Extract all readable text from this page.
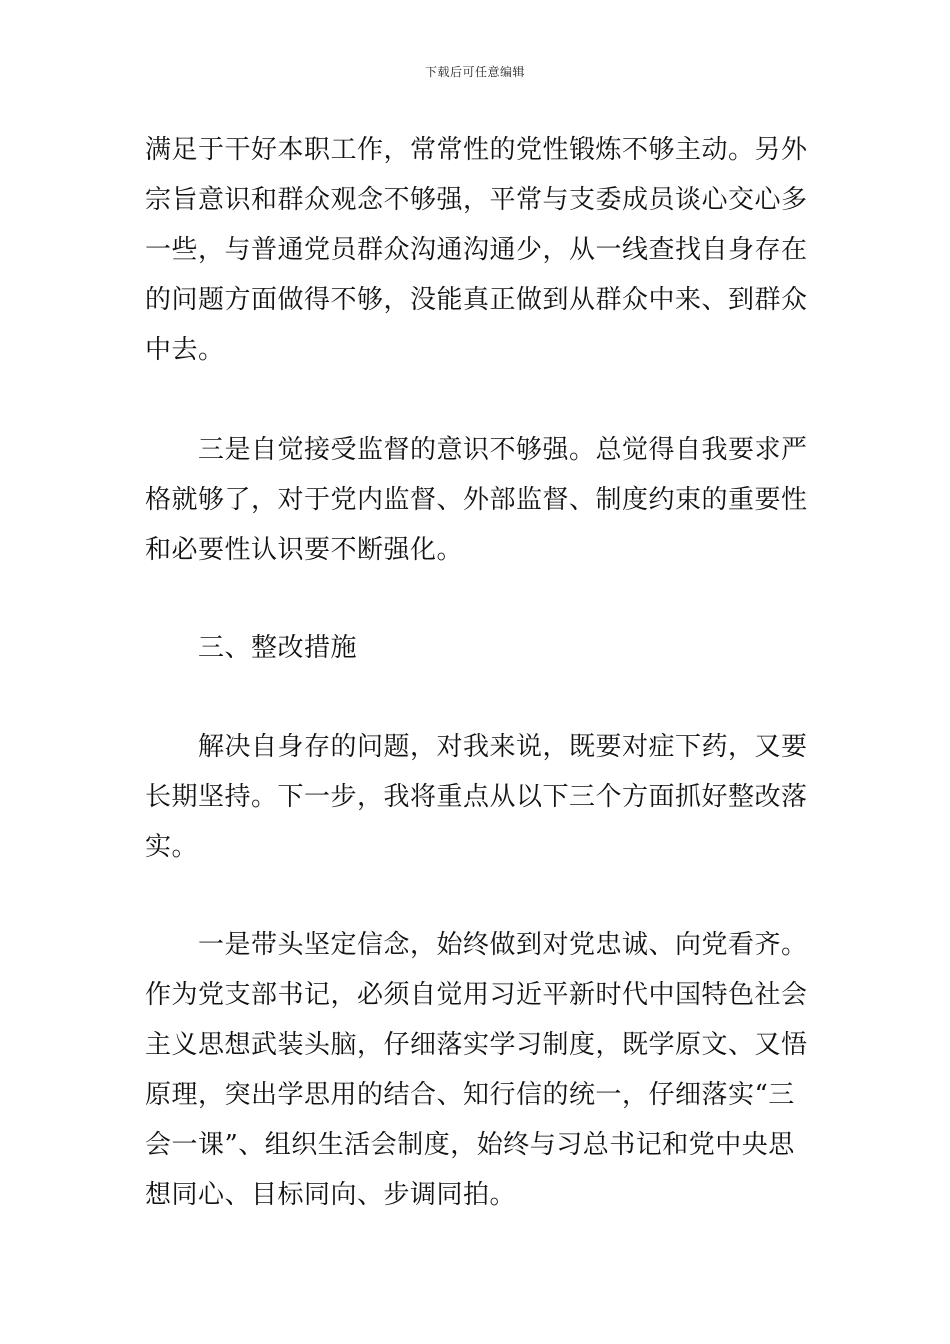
下载后可任意编辑
满足于干好本职工作，常常性的党性锻炼不够主动。另外
宗旨意识和群众观念不够强，平常与支委成员谈心交心多
一些，与普通党员群众沟通沟通少，从一线查找自身存在
的问题方面做得不够，没能真正做到从群众中来、到群众
中去。
　　三是自觉接受监督的意识不够强。总觉得自我要求严
格就够了，对于党内监督、外部监督、制度约束的重要性
和必要性认识要不断强化。
　　三、整改措施
　　解决自身存的问题，对我来说，既要对症下药，又要
长期坚持。下一步，我将重点从以下三个方面抓好整改落
实。
　　一是带头坚定信念，始终做到对党忠诚、向党看齐。
作为党支部书记，必须自觉用习近平新时代中国特色社会
主义思想武装头脑，仔细落实学习制度，既学原文、又悟
原理，突出学思用的结合、知行信的统一，仔细落实“三
会一课”、组织生活会制度，始终与习总书记和党中央思
想同心、目标同向、步调同拍。
